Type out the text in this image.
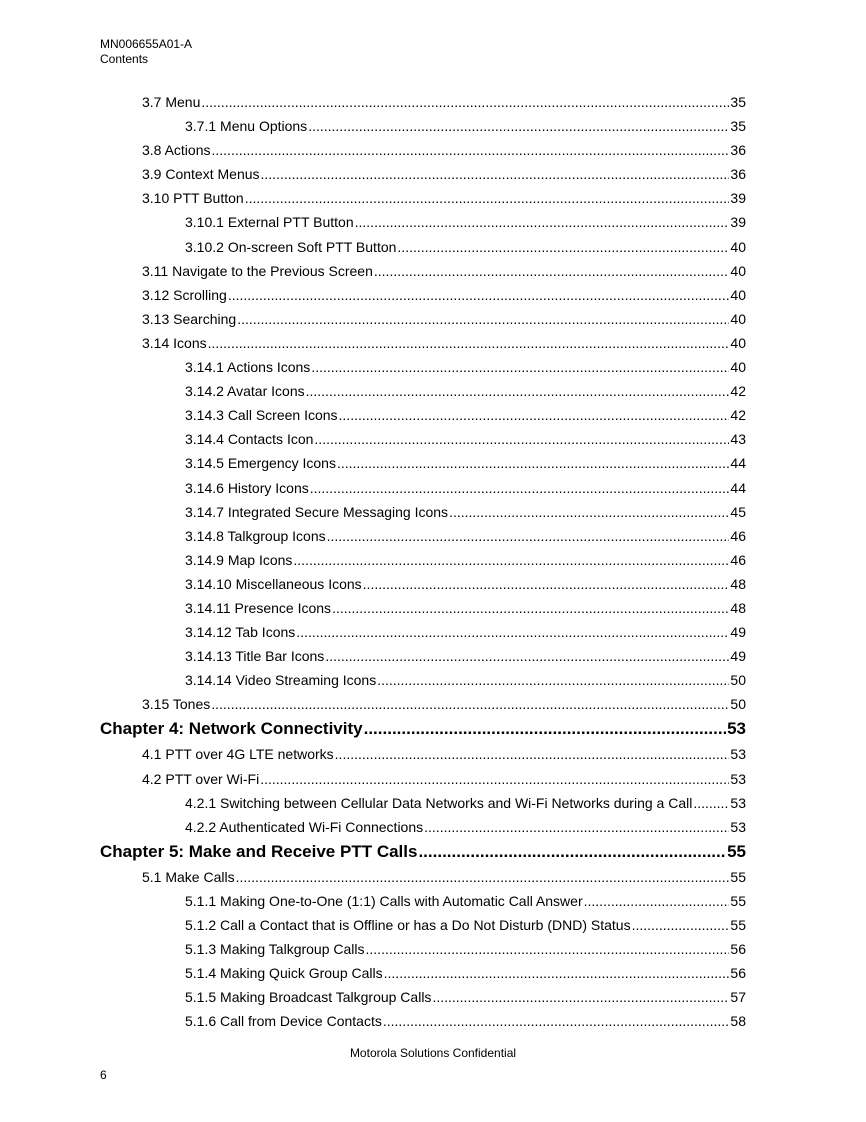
MN006655A01-A
Contents
3.7 Menu .....	35
3.7.1 Menu Options .....	35
3.8 Actions .....	36
3.9 Context Menus .....	36
3.10 PTT Button .....	39
3.10.1 External PTT Button .....	39
3.10.2 On-screen Soft PTT Button .....	40
3.11 Navigate to the Previous Screen .....	40
3.12 Scrolling .....	40
3.13 Searching .....	40
3.14 Icons .....	40
3.14.1 Actions Icons .....	40
3.14.2 Avatar Icons .....	42
3.14.3 Call Screen Icons .....	42
3.14.4 Contacts Icon .....	43
3.14.5 Emergency Icons .....	44
3.14.6 History Icons .....	44
3.14.7 Integrated Secure Messaging Icons .....	45
3.14.8 Talkgroup Icons .....	46
3.14.9 Map Icons .....	46
3.14.10 Miscellaneous Icons .....	48
3.14.11 Presence Icons .....	48
3.14.12 Tab Icons .....	49
3.14.13 Title Bar Icons .....	49
3.14.14 Video Streaming Icons .....	50
3.15 Tones .....	50
Chapter 4: Network Connectivity .....	53
4.1 PTT over 4G LTE networks .....	53
4.2 PTT over Wi-Fi .....	53
4.2.1 Switching between Cellular Data Networks and Wi-Fi Networks during a Call .....	53
4.2.2 Authenticated Wi-Fi Connections .....	53
Chapter 5: Make and Receive PTT Calls .....	55
5.1 Make Calls .....	55
5.1.1 Making One-to-One (1:1) Calls with Automatic Call Answer .....	55
5.1.2 Call a Contact that is Offline or has a Do Not Disturb (DND) Status .....	55
5.1.3 Making Talkgroup Calls .....	56
5.1.4 Making Quick Group Calls .....	56
5.1.5 Making Broadcast Talkgroup Calls .....	57
5.1.6 Call from Device Contacts .....	58
Motorola Solutions Confidential
6
